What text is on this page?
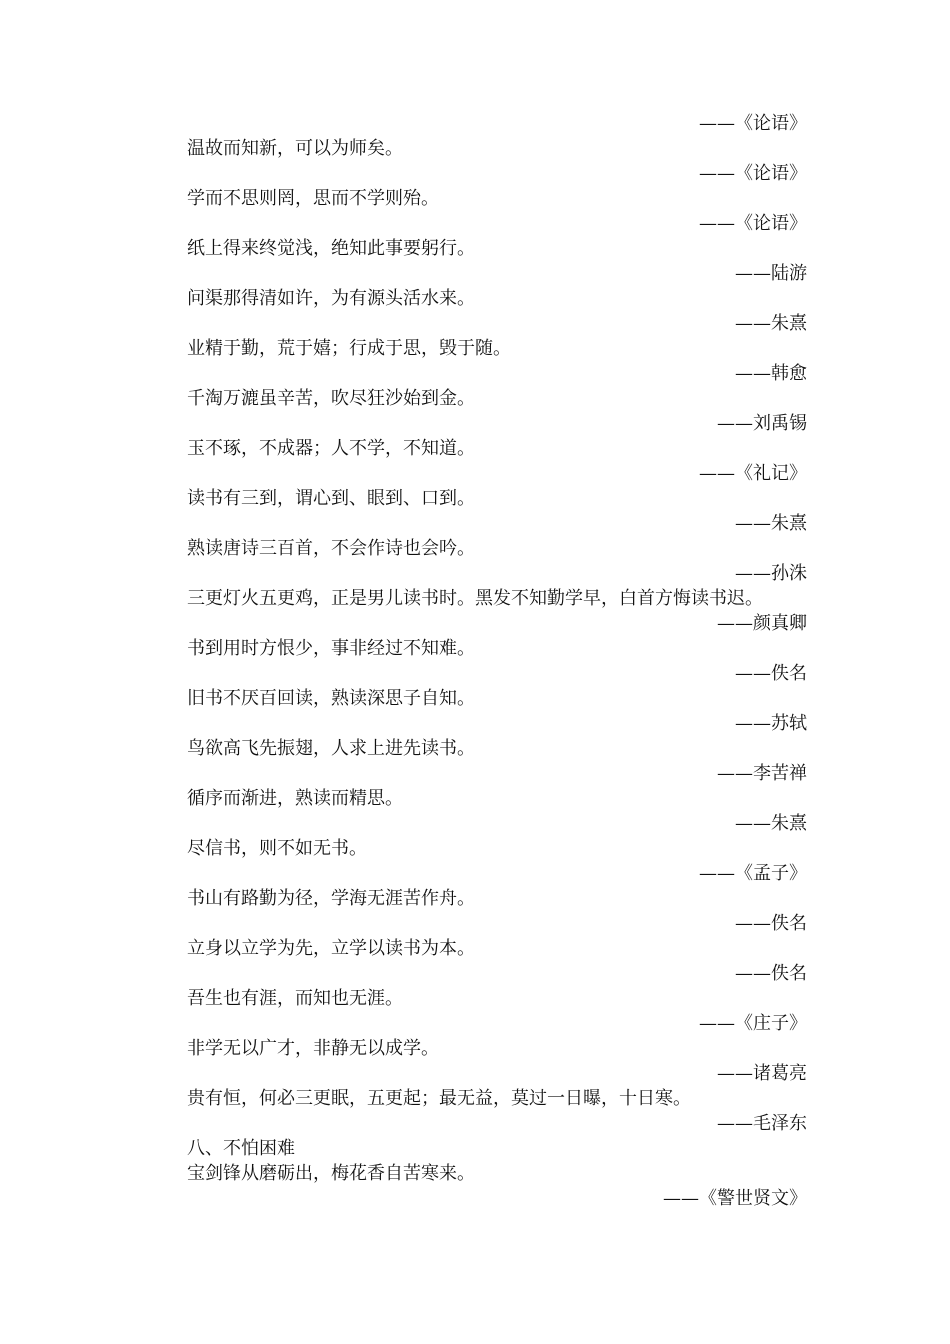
——《论语》
温故而知新，可以为师矣。
——《论语》
学而不思则罔，思而不学则殆。
——《论语》
纸上得来终觉浅，绝知此事要躬行。
——陆游
问渠那得清如许，为有源头活水来。
——朱熹
业精于勤，荒于嬉；行成于思，毁于随。
——韩愈
千淘万漉虽辛苦，吹尽狂沙始到金。
——刘禹锡
玉不琢，不成器；人不学，不知道。
——《礼记》
读书有三到，谓心到、眼到、口到。
——朱熹
熟读唐诗三百首，不会作诗也会吟。
——孙洙
三更灯火五更鸡，正是男儿读书时。黑发不知勤学早，白首方悔读书迟。
——颜真卿
书到用时方恨少，事非经过不知难。
——佚名
旧书不厌百回读，熟读深思子自知。
——苏轼
鸟欲高飞先振翅，人求上进先读书。
——李苦禅
循序而渐进，熟读而精思。
——朱熹
尽信书，则不如无书。
——《孟子》
书山有路勤为径，学海无涯苦作舟。
——佚名
立身以立学为先，立学以读书为本。
——佚名
吾生也有涯，而知也无涯。
——《庄子》
非学无以广才，非静无以成学。
——诸葛亮
贵有恒，何必三更眠，五更起；最无益，莫过一日曝，十日寒。
——毛泽东
八、不怕困难
宝剑锋从磨砺出，梅花香自苦寒来。
——《警世贤文》
